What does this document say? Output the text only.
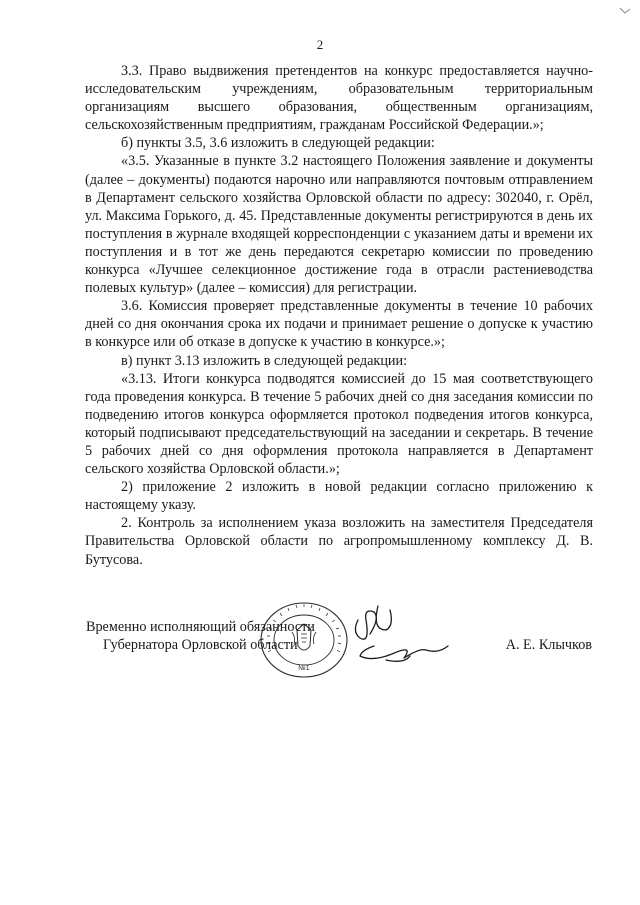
2

3.3. Право выдвижения претендентов на конкурс предоставляется научно-исследовательским учреждениям, образовательным территориальным организациям высшего образования, общественным организациям, сельскохозяйственным предприятиям, гражданам Российской Федерации.»;

б) пункты 3.5, 3.6 изложить в следующей редакции:

«3.5. Указанные в пункте 3.2 настоящего Положения заявление и документы (далее – документы) подаются нарочно или направляются почтовым отправлением в Департамент сельского хозяйства Орловской области по адресу: 302040, г. Орёл, ул. Максима Горького, д. 45. Представленные документы регистрируются в день их поступления в журнале входящей корреспонденции с указанием даты и времени их поступления и в тот же день передаются секретарю комиссии по проведению конкурса «Лучшее селекционное достижение года в отрасли растениеводства полевых культур» (далее – комиссия) для регистрации.

3.6. Комиссия проверяет представленные документы в течение 10 рабочих дней со дня окончания срока их подачи и принимает решение о допуске к участию в конкурсе или об отказе в допуске к участию в конкурсе.»;

в) пункт 3.13 изложить в следующей редакции:

«3.13. Итоги конкурса подводятся комиссией до 15 мая соответствующего года проведения конкурса. В течение 5 рабочих дней со дня заседания комиссии по подведению итогов конкурса оформляется протокол подведения итогов конкурса, который подписывают председательствующий на заседании и секретарь. В течение 5 рабочих дней со дня оформления протокола направляется в Департамент сельского хозяйства Орловской области.»;

2) приложение 2 изложить в новой редакции согласно приложению к настоящему указу.

2. Контроль за исполнением указа возложить на заместителя Председателя Правительства Орловской области по агропромышленному комплексу Д. В. Бутусова.

№1
Временно исполняющий обязанности
Губернатора Орловской области	А. Е. Клычков
